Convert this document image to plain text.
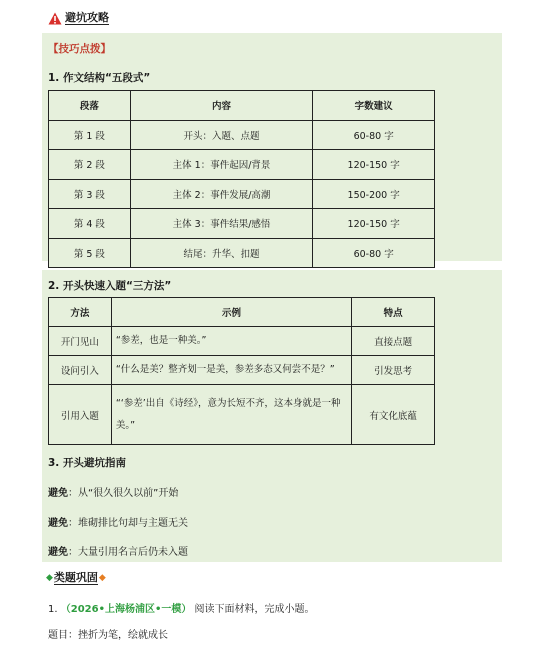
避坑攻略
【技巧点拨】
1. 作文结构“五段式”
段落	内容	字数建议
第 1 段	开头：入题、点题	60-80 字
第 2 段	主体 1：事件起因/背景	120-150 字
第 3 段	主体 2：事件发展/高潮	150-200 字
第 4 段	主体 3：事件结果/感悟	120-150 字
第 5 段	结尾：升华、扣题	60-80 字
2. 开头快速入题“三方法”
方法	示例	特点
开门见山	“参差，也是一种美。”	直接点题
设问引入	“什么是美？整齐划一是美，参差多态又何尝不是？”	引发思考
引用入题	“‘参差’出自《诗经》，意为长短不齐，这本身就是一种美。”	有文化底蕴
3. 开头避坑指南
避免：从“很久很久以前”开始
避免：堆砌排比句却与主题无关
避免：大量引用名言后仍未入题
◆ 类题巩固 ◆
1. （2026•上海杨浦区•一模） 阅读下面材料，完成小题。
题目：挫折为笔，绘就成长
